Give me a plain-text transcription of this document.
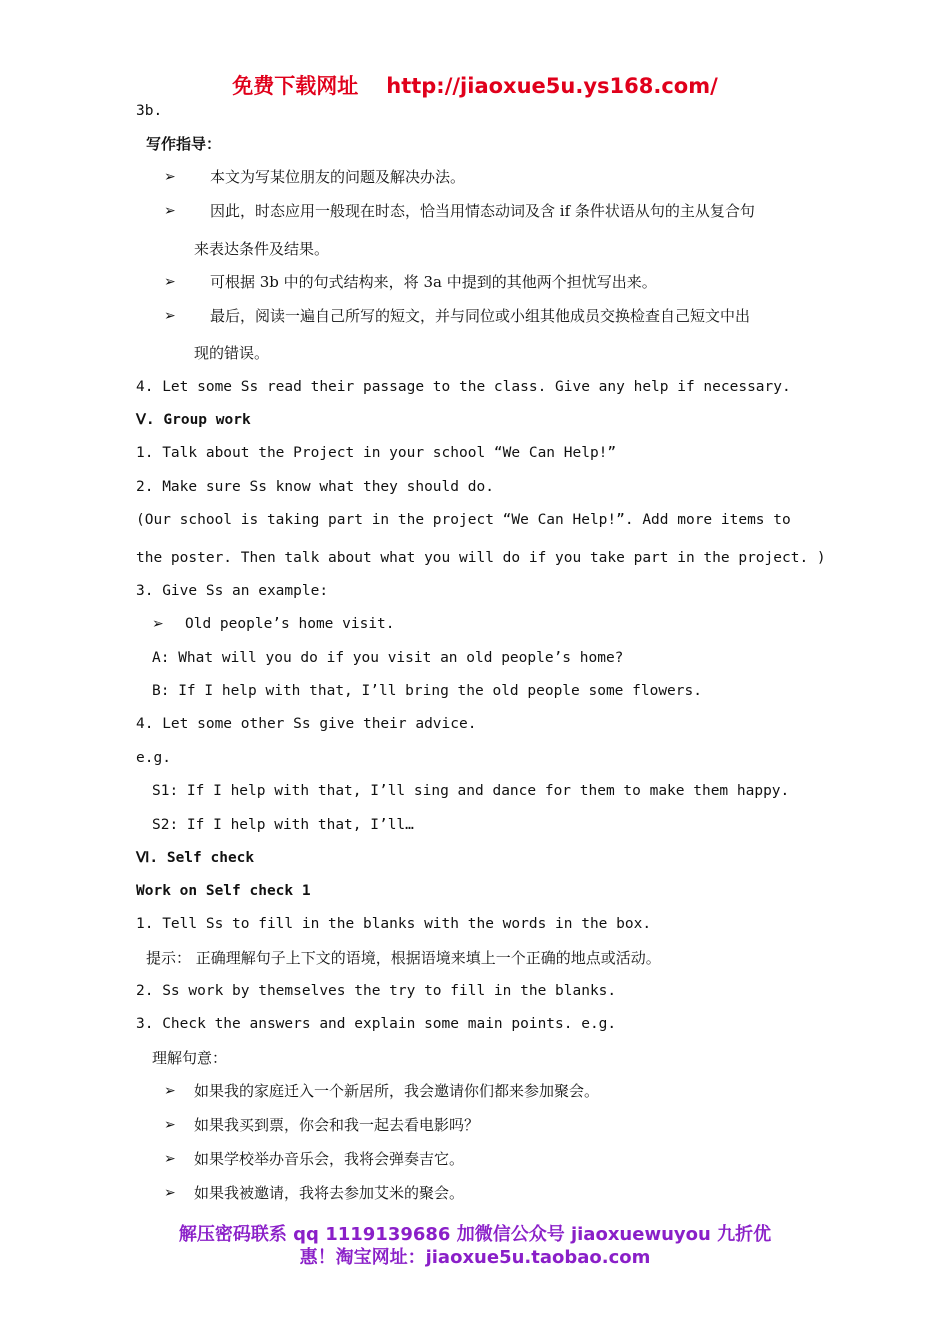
免费下载网址 http://jiaoxue5u.ys168.com/
3b.
写作指导：
➢ 本文为写某位朋友的问题及解决办法。
➢ 因此，时态应用一般现在时态，恰当用情态动词及含 if 条件状语从句的主从复合句
来表达条件及结果。
➢ 可根据 3b 中的句式结构来，将 3a 中提到的其他两个担忧写出来。
➢ 最后，阅读一遍自己所写的短文，并与同位或小组其他成员交换检查自己短文中出
现的错误。
4. Let some Ss read their passage to the class. Give any help if necessary.
Ⅴ. Group work
1. Talk about the Project in your school “We Can Help!”
2. Make sure Ss know what they should do.
(Our school is taking part in the project “We Can Help!”. Add more items to
the poster. Then talk about what you will do if you take part in the project. )
3. Give Ss an example:
➢ Old people’s home visit.
A: What will you do if you visit an old people’s home?
B: If I help with that, I’ll bring the old people some flowers.
4. Let some other Ss give their advice.
e.g.
S1: If I help with that, I’ll sing and dance for them to make them happy.
S2: If I help with that, I’ll…
Ⅵ. Self check
Work on Self check 1
1. Tell Ss to fill in the blanks with the words in the box.
提示： 正确理解句子上下文的语境，根据语境来填上一个正确的地点或活动。
2. Ss work by themselves the try to fill in the blanks.
3. Check the answers and explain some main points. e.g.
理解句意：
➢ 如果我的家庭迁入一个新居所，我会邀请你们都来参加聚会。
➢ 如果我买到票，你会和我一起去看电影吗？
➢ 如果学校举办音乐会，我将会弹奏吉它。
➢ 如果我被邀请，我将去参加艾米的聚会。
解压密码联系 qq 1119139686 加微信公众号 jiaoxuewuyou 九折优
惠！淘宝网址：jiaoxue5u.taobao.com
